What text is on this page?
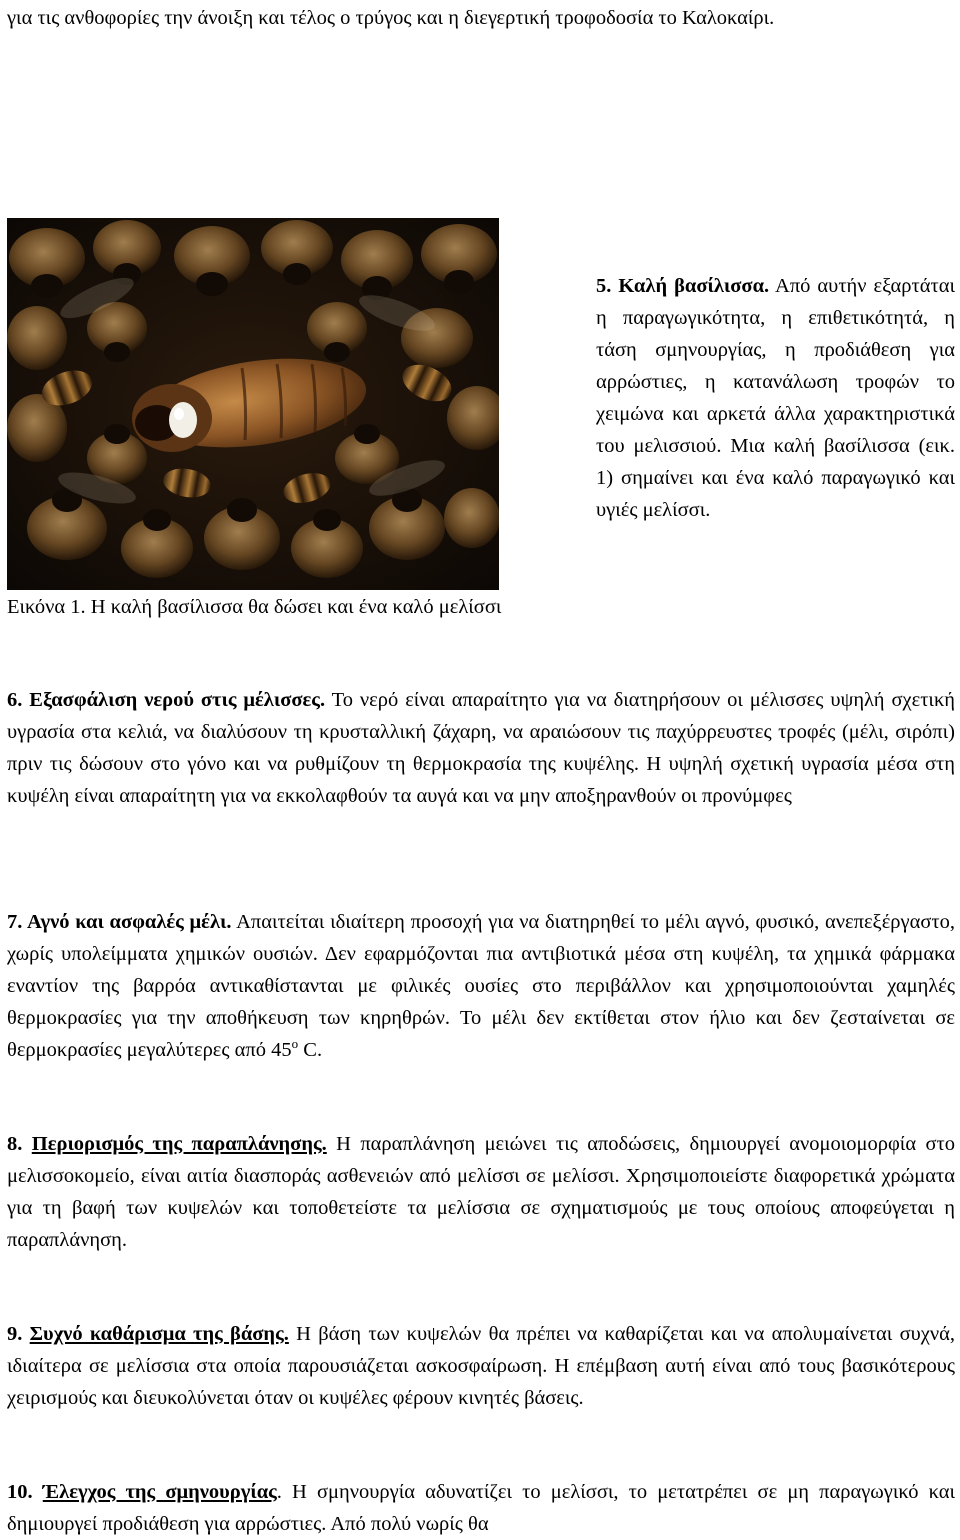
για τις ανθοφορίες την άνοιξη και τέλος ο τρύγος και η διεγερτική τροφοδοσία το Καλοκαίρι.

Εικόνα 1. Η καλή βασίλισσα θα δώσει και ένα καλό μελίσσι

5. Καλή βασίλισσα. Από αυτήν εξαρτάται η παραγωγικότητα, η επιθετικότητά, η τάση σμηνουργίας, η προδιάθεση για αρρώστιες, η κατανάλωση τροφών το χειμώνα και αρκετά άλλα χαρακτηριστικά του μελισσιού. Μια καλή βασίλισσα (εικ. 1) σημαίνει και ένα καλό παραγωγικό και υγιές μελίσσι.

6. Εξασφάλιση νερού στις μέλισσες. Το νερό είναι απαραίτητο για να διατηρήσουν οι μέλισσες υψηλή σχετική υγρασία στα κελιά, να διαλύσουν τη κρυσταλλική ζάχαρη, να αραιώσουν τις παχύρρευστες τροφές (μέλι, σιρόπι) πριν τις δώσουν στο γόνο και να ρυθμίζουν τη θερμοκρασία της κυψέλης. Η υψηλή σχετική υγρασία μέσα στη κυψέλη είναι απαραίτητη για να εκκολαφθούν τα αυγά και να μην αποξηρανθούν οι προνύμφες

7. Αγνό και ασφαλές μέλι. Απαιτείται ιδιαίτερη προσοχή για να διατηρηθεί το μέλι αγνό, φυσικό, ανεπεξέργαστο, χωρίς υπολείμματα χημικών ουσιών. Δεν εφαρμόζονται πια αντιβιοτικά μέσα στη κυψέλη, τα χημικά φάρμακα εναντίον της βαρρόα αντικαθίστανται με φιλικές ουσίες στο περιβάλλον και χρησιμοποιούνται χαμηλές θερμοκρασίες για την αποθήκευση των κηρηθρών. Το μέλι δεν εκτίθεται στον ήλιο και δεν ζεσταίνεται σε θερμοκρασίες μεγαλύτερες από $45^o$ C.

8. Περιορισμός της παραπλάνησης. Η παραπλάνηση μειώνει τις αποδώσεις, δημιουργεί ανομοιομορφία στο μελισσοκομείο, είναι αιτία διασποράς ασθενειών από μελίσσι σε μελίσσι. Χρησιμοποιείστε διαφορετικά χρώματα για τη βαφή των κυψελών και τοποθετείστε τα μελίσσια σε σχηματισμούς με τους οποίους αποφεύγεται η παραπλάνηση.

9. Συχνό καθάρισμα της βάσης. Η βάση των κυψελών θα πρέπει να καθαρίζεται και να απολυμαίνεται συχνά, ιδιαίτερα σε μελίσσια στα οποία παρουσιάζεται ασκοσφαίρωση. Η επέμβαση αυτή είναι από τους βασικότερους χειρισμούς και διευκολύνεται όταν οι κυψέλες φέρουν κινητές βάσεις.

10. Έλεγχος της σμηνουργίας. Η σμηνουργία αδυνατίζει το μελίσσι, το μετατρέπει σε μη παραγωγικό και δημιουργεί προδιάθεση για αρρώστιες. Από πολύ νωρίς θα
